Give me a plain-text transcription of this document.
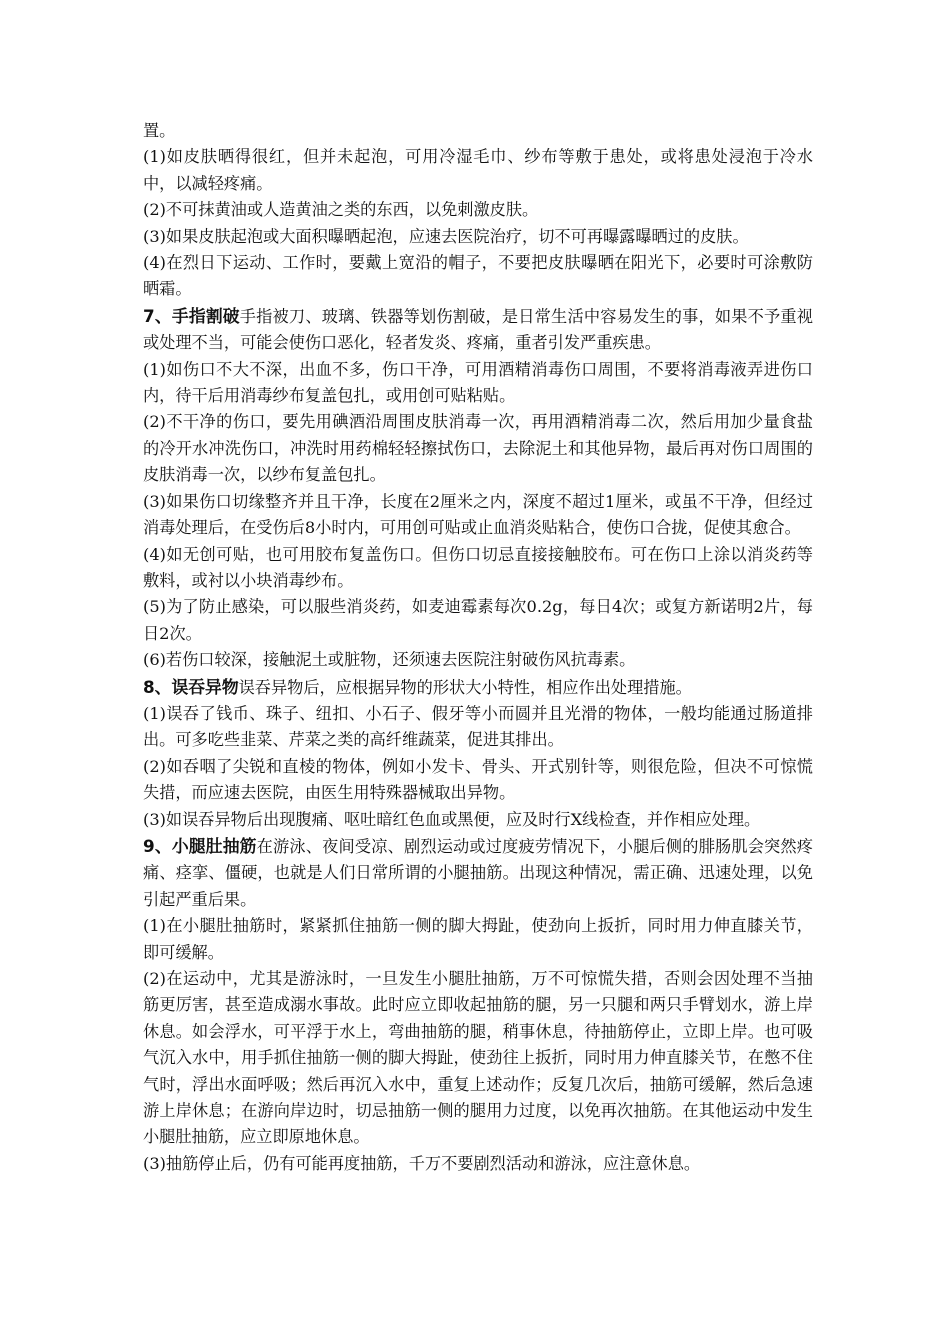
置。

(1)如皮肤晒得很红，但并未起泡，可用冷湿毛巾、纱布等敷于患处，或将患处浸泡于冷水中，以减轻疼痛。

(2)不可抹黄油或人造黄油之类的东西，以免刺激皮肤。

(3)如果皮肤起泡或大面积曝晒起泡，应速去医院治疗，切不可再曝露曝晒过的皮肤。

(4)在烈日下运动、工作时，要戴上宽沿的帽子，不要把皮肤曝晒在阳光下，必要时可涂敷防晒霜。

7、手指割破手指被刀、玻璃、铁器等划伤割破，是日常生活中容易发生的事，如果不予重视或处理不当，可能会使伤口恶化，轻者发炎、疼痛，重者引发严重疾患。

(1)如伤口不大不深，出血不多，伤口干净，可用酒精消毒伤口周围，不要将消毒液弄进伤口内，待干后用消毒纱布复盖包扎，或用创可贴粘贴。

(2)不干净的伤口，要先用碘酒沿周围皮肤消毒一次，再用酒精消毒二次，然后用加少量食盐的冷开水冲洗伤口，冲洗时用药棉轻轻擦拭伤口，去除泥土和其他异物，最后再对伤口周围的皮肤消毒一次，以纱布复盖包扎。

(3)如果伤口切缘整齐并且干净，长度在2厘米之内，深度不超过1厘米，或虽不干净，但经过消毒处理后，在受伤后8小时内，可用创可贴或止血消炎贴粘合，使伤口合拢，促使其愈合。

(4)如无创可贴，也可用胶布复盖伤口。但伤口切忌直接接触胶布。可在伤口上涂以消炎药等敷料，或衬以小块消毒纱布。

(5)为了防止感染，可以服些消炎药，如麦迪霉素每次0.2g，每日4次；或复方新诺明2片，每日2次。

(6)若伤口较深，接触泥土或脏物，还须速去医院注射破伤风抗毒素。

8、误吞异物误吞异物后，应根据异物的形状大小特性，相应作出处理措施。

(1)误吞了钱币、珠子、纽扣、小石子、假牙等小而圆并且光滑的物体，一般均能通过肠道排出。可多吃些韭菜、芹菜之类的高纤维蔬菜，促进其排出。

(2)如吞咽了尖锐和直棱的物体，例如小发卡、骨头、开式别针等，则很危险，但决不可惊慌失措，而应速去医院，由医生用特殊器械取出异物。

(3)如误吞异物后出现腹痛、呕吐暗红色血或黑便，应及时行X线检查，并作相应处理。

9、小腿肚抽筋在游泳、夜间受凉、剧烈运动或过度疲劳情况下，小腿后侧的腓肠肌会突然疼痛、痉挛、僵硬，也就是人们日常所谓的小腿抽筋。出现这种情况，需正确、迅速处理，以免引起严重后果。

(1)在小腿肚抽筋时，紧紧抓住抽筋一侧的脚大拇趾，使劲向上扳折，同时用力伸直膝关节，即可缓解。

(2)在运动中，尤其是游泳时，一旦发生小腿肚抽筋，万不可惊慌失措，否则会因处理不当抽筋更厉害，甚至造成溺水事故。此时应立即收起抽筋的腿，另一只腿和两只手臂划水，游上岸休息。如会浮水，可平浮于水上，弯曲抽筋的腿，稍事休息，待抽筋停止，立即上岸。也可吸气沉入水中，用手抓住抽筋一侧的脚大拇趾，使劲往上扳折，同时用力伸直膝关节，在憋不住气时，浮出水面呼吸；然后再沉入水中，重复上述动作；反复几次后，抽筋可缓解，然后急速游上岸休息；在游向岸边时，切忌抽筋一侧的腿用力过度，以免再次抽筋。在其他运动中发生小腿肚抽筋，应立即原地休息。

(3)抽筋停止后，仍有可能再度抽筋，千万不要剧烈活动和游泳，应注意休息。
